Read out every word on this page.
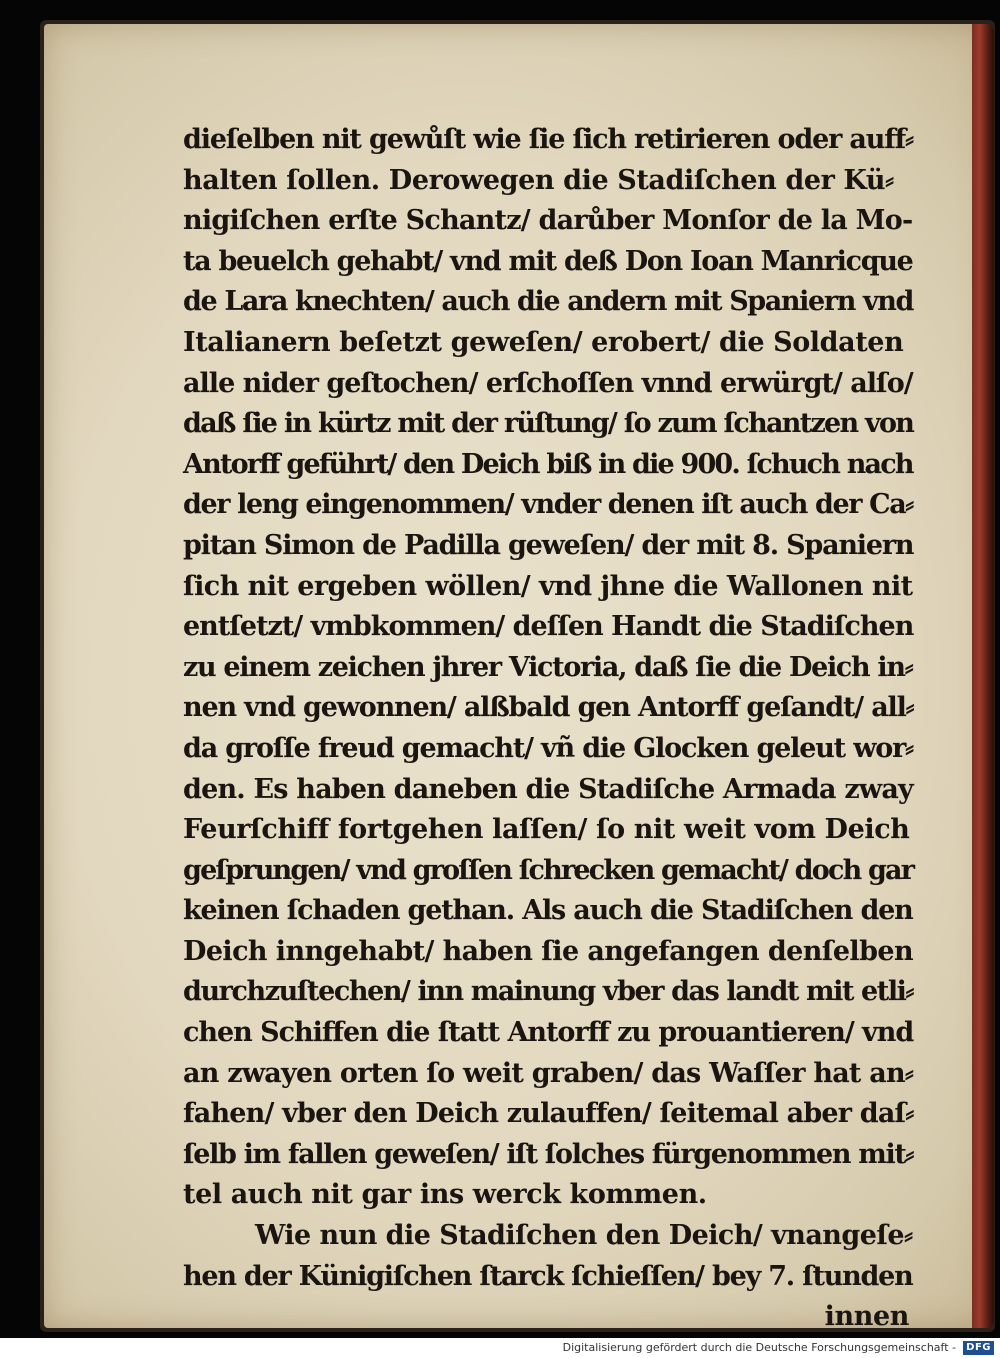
dieſelben nit gewůſt wie ſie ſich retirieren oder auff⸗
halten ſollen. Derowegen die Stadiſchen der Kü⸗
nigiſchen erſte Schantz/ darůber Monſor de la Mo-
ta beuelch gehabt/ vnd mit deß Don Ioan Manricque
de Lara knechten/ auch die andern mit Spaniern vnd
Italianern beſetzt geweſen/ erobert/ die Soldaten
alle nider geſtochen/ erſchoſſen vnnd erwürgt/ alſo/
daß ſie in kürtz mit der rüſtung/ ſo zum ſchantzen von
Antorff geführt/ den Deich biß in die 900. ſchuch nach
der leng eingenommen/ vnder denen iſt auch der Ca⸗
pitan Simon de Padilla geweſen/ der mit 8. Spaniern
ſich nit ergeben wöllen/ vnd jhne die Wallonen nit
entſetzt/ vmbkommen/ deſſen Handt die Stadiſchen
zu einem zeichen jhrer Victoria, daß ſie die Deich in⸗
nen vnd gewonnen/ alßbald gen Antorff geſandt/ all⸗
da groſſe freud gemacht/ vñ die Glocken geleut wor⸗
den. Es haben daneben die Stadiſche Armada zway
Feurſchiff fortgehen laſſen/ ſo nit weit vom Deich
geſprungen/ vnd groſſen ſchrecken gemacht/ doch gar
keinen ſchaden gethan. Als auch die Stadiſchen den
Deich inngehabt/ haben ſie angefangen denſelben
durchzuſtechen/ inn mainung vber das landt mit etli⸗
chen Schiffen die ſtatt Antorff zu prouantieren/ vnd
an zwayen orten ſo weit graben/ das Waſſer hat an⸗
fahen/ vber den Deich zulauffen/ ſeitemal aber daſ⸗
ſelb im fallen geweſen/ iſt ſolches fürgenommen mit⸗
tel auch nit gar ins werck kommen.
Wie nun die Stadiſchen den Deich/ vnangeſe⸗
hen der Künigiſchen ſtarck ſchieſſen/ bey 7. ſtunden
innen
Digitalisierung gefördert durch die Deutsche Forschungsgemeinschaft -	DFG
